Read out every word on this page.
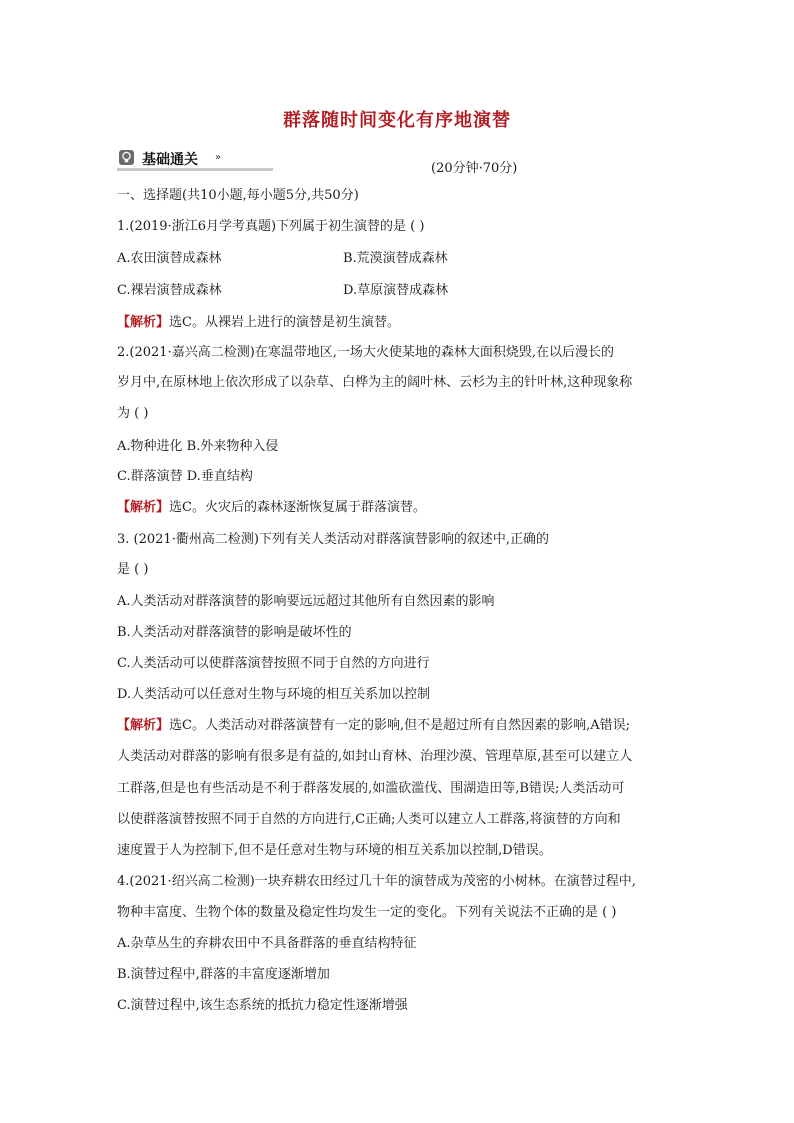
群落随时间变化有序地演替
基础通关 »
(20分钟·70分)
一、选择题(共10小题,每小题5分,共50分)
1.(2019·浙江6月学考真题)下列属于初生演替的是 ( )
A.农田演替成森林	B.荒漠演替成森林
C.裸岩演替成森林	D.草原演替成森林
【解析】选C。从裸岩上进行的演替是初生演替。
2.(2021·嘉兴高二检测)在寒温带地区,一场大火使某地的森林大面积烧毁,在以后漫长的
岁月中,在原林地上依次形成了以杂草、白桦为主的阔叶林、云杉为主的针叶林,这种现象称
为 ( )
A.物种进化 B.外来物种入侵
C.群落演替 D.垂直结构
【解析】选C。火灾后的森林逐渐恢复属于群落演替。
3. (2021·衢州高二检测)下列有关人类活动对群落演替影响的叙述中,正确的
是 ( )
A.人类活动对群落演替的影响要远远超过其他所有自然因素的影响
B.人类活动对群落演替的影响是破坏性的
C.人类活动可以使群落演替按照不同于自然的方向进行
D.人类活动可以任意对生物与环境的相互关系加以控制
【解析】选C。人类活动对群落演替有一定的影响,但不是超过所有自然因素的影响,A错误;
人类活动对群落的影响有很多是有益的,如封山育林、治理沙漠、管理草原,甚至可以建立人
工群落,但是也有些活动是不利于群落发展的,如滥砍滥伐、围湖造田等,B错误;人类活动可
以使群落演替按照不同于自然的方向进行,C正确;人类可以建立人工群落,将演替的方向和
速度置于人为控制下,但不是任意对生物与环境的相互关系加以控制,D错误。
4.(2021·绍兴高二检测)一块弃耕农田经过几十年的演替成为茂密的小树林。在演替过程中,
物种丰富度、生物个体的数量及稳定性均发生一定的变化。下列有关说法不正确的是 ( )
A.杂草丛生的弃耕农田中不具备群落的垂直结构特征
B.演替过程中,群落的丰富度逐渐增加
C.演替过程中,该生态系统的抵抗力稳定性逐渐增强
